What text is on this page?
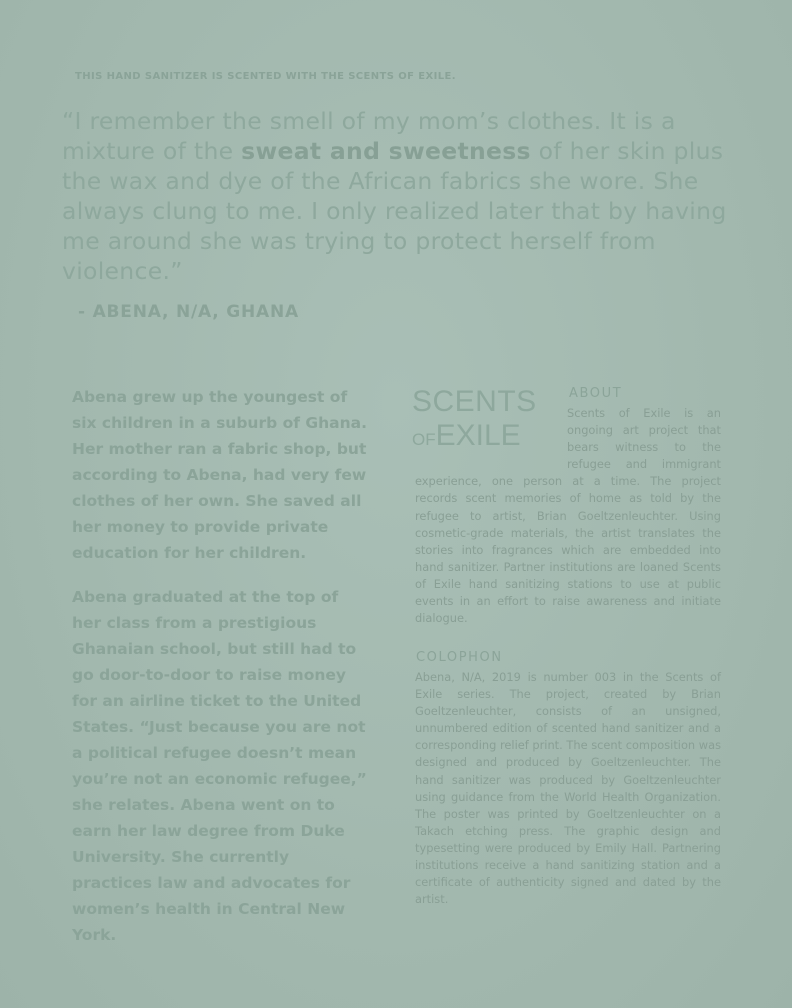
THIS HAND SANITIZER IS SCENTED WITH THE SCENTS OF EXILE.
“I remember the smell of my mom’s clothes. It is a mixture of the sweat and sweetness of her skin plus the wax and dye of the African fabrics she wore. She always clung to me. I only realized later that by having me around she was trying to protect herself from violence.”
- ABENA, N/A, GHANA
Abena grew up the youngest of six children in a suburb of Ghana. Her mother ran a fabric shop, but according to Abena, had very few clothes of her own. She saved all her money to provide private education for her children.
Abena graduated at the top of her class from a prestigious Ghanaian school, but still had to go door-to-door to raise money for an airline ticket to the United States. “Just because you are not a political refugee doesn’t mean you’re not an economic refugee,” she relates. Abena went on to earn her law degree from Duke University. She currently practices law and advocates for women’s health in Central New York.
SCENTS
OFEXILE
ABOUT
Scents of Exile is an ongoing art project that bears witness to the refugee and immigrant experience, one person at a time. The project records scent memories of home as told by the refugee to artist, Brian Goeltzenleuchter. Using cosmetic-grade materials, the artist translates the stories into fragrances which are embedded into hand sanitizer. Partner institutions are loaned Scents of Exile hand sanitizing stations to use at public events in an effort to raise awareness and initiate dialogue.
COLOPHON
Abena, N/A, 2019 is number 003 in the Scents of Exile series. The project, created by Brian Goeltzenleuchter, consists of an unsigned, unnumbered edition of scented hand sanitizer and a corresponding relief print. The scent composition was designed and produced by Goeltzenleuchter. The hand sanitizer was produced by Goeltzenleuchter using guidance from the World Health Organization. The poster was printed by Goeltzenleuchter on a Takach etching press. The graphic design and typesetting were produced by Emily Hall. Partnering institutions receive a hand sanitizing station and a certificate of authenticity signed and dated by the artist.
